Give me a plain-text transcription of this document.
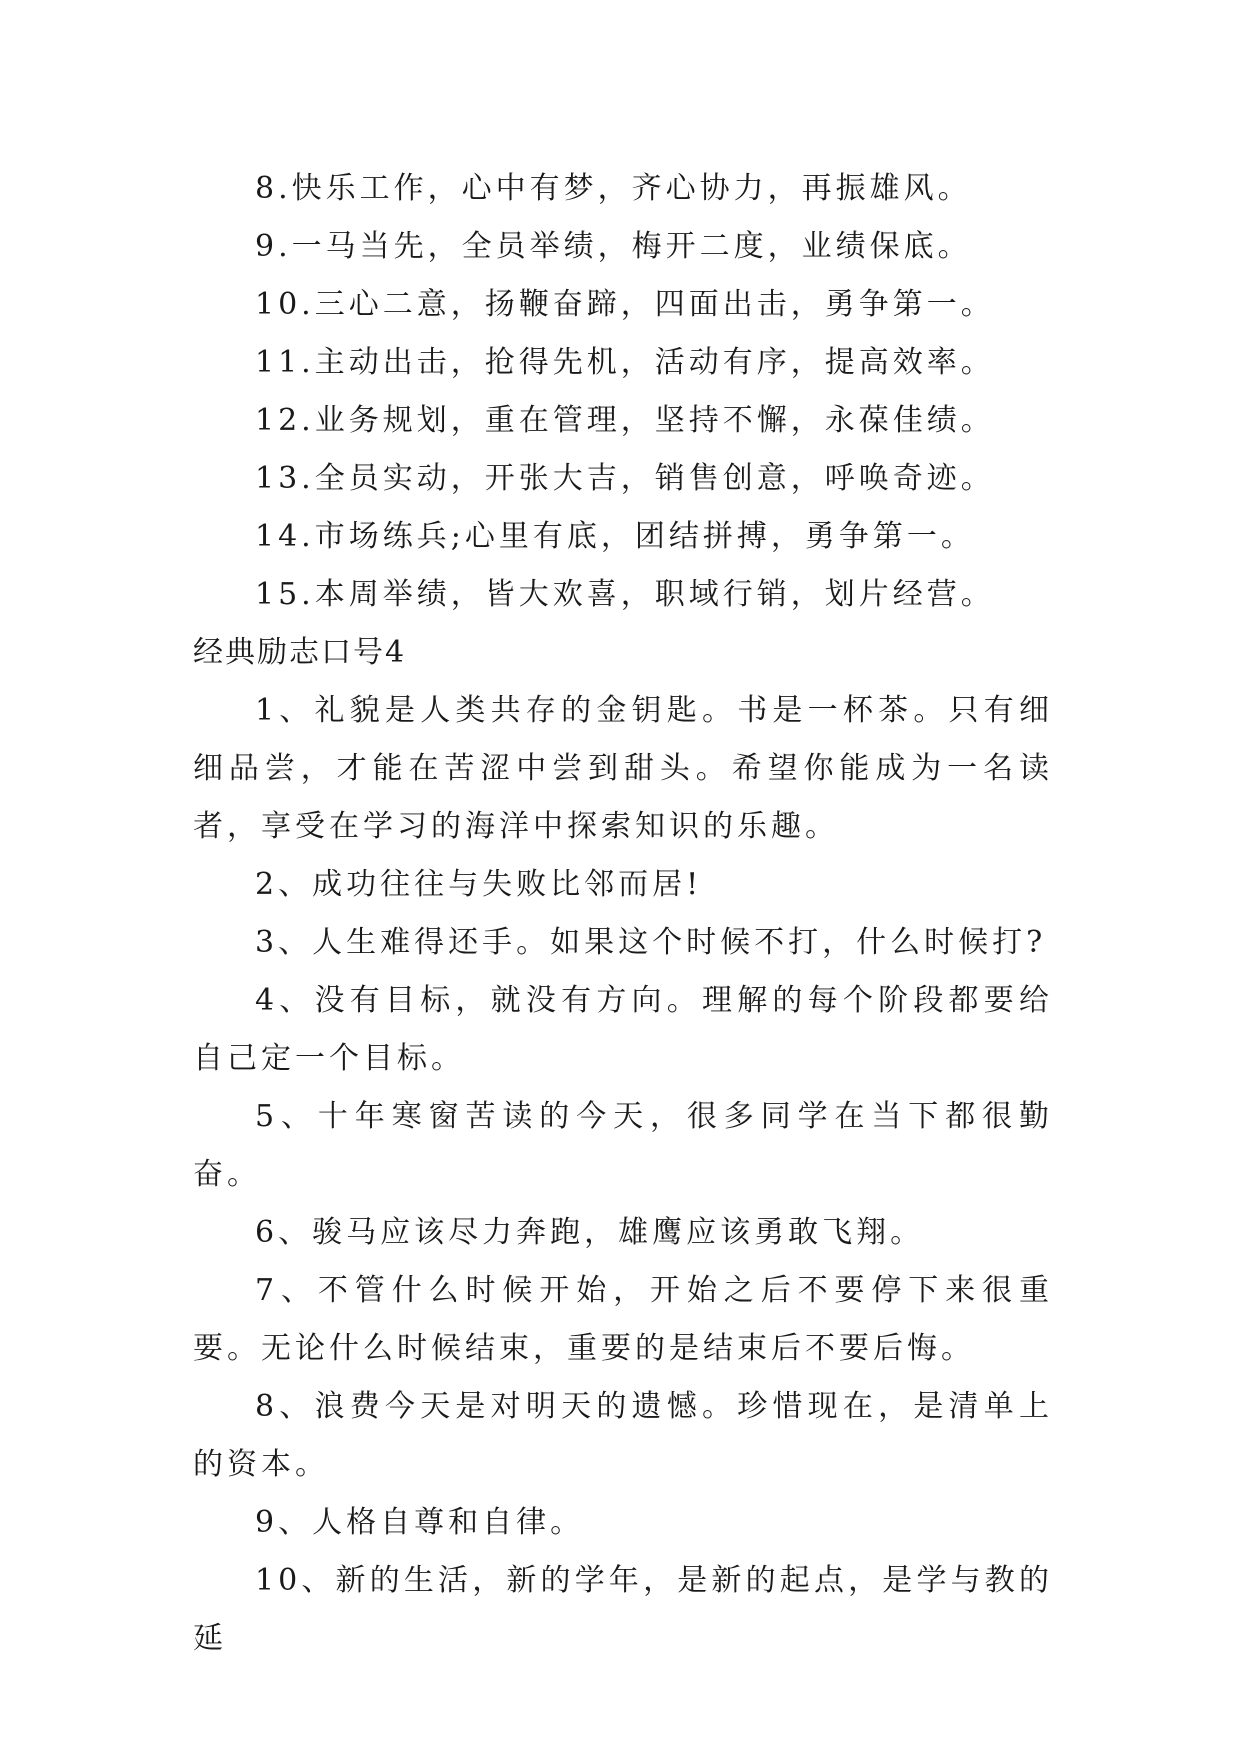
8.快乐工作，心中有梦，齐心协力，再振雄风。
9.一马当先，全员举绩，梅开二度，业绩保底。
10.三心二意，扬鞭奋蹄，四面出击，勇争第一。
11.主动出击，抢得先机，活动有序，提高效率。
12.业务规划，重在管理，坚持不懈，永葆佳绩。
13.全员实动，开张大吉，销售创意，呼唤奇迹。
14.市场练兵;心里有底，团结拼搏，勇争第一。
15.本周举绩，皆大欢喜，职域行销，划片经营。
经典励志口号4
1、礼貌是人类共存的金钥匙。书是一杯茶。只有细细品尝，才能在苦涩中尝到甜头。希望你能成为一名读者，享受在学习的海洋中探索知识的乐趣。
2、成功往往与失败比邻而居!
3、人生难得还手。如果这个时候不打，什么时候打?
4、没有目标，就没有方向。理解的每个阶段都要给自己定一个目标。
5、十年寒窗苦读的今天，很多同学在当下都很勤奋。
6、骏马应该尽力奔跑，雄鹰应该勇敢飞翔。
7、不管什么时候开始，开始之后不要停下来很重要。无论什么时候结束，重要的是结束后不要后悔。
8、浪费今天是对明天的遗憾。珍惜现在，是清单上的资本。
9、人格自尊和自律。
10、新的生活，新的学年，是新的起点，是学与教的延
